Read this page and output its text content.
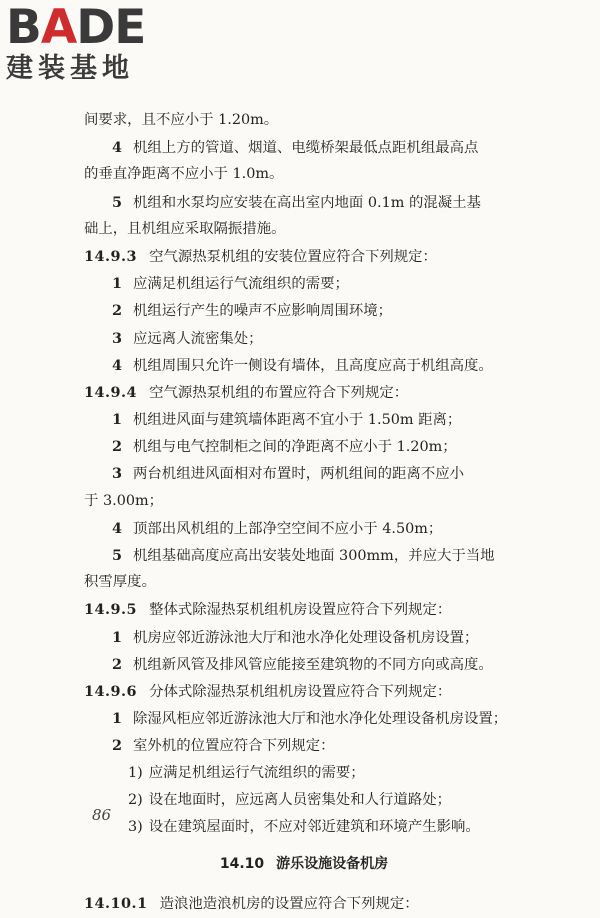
B A D E
建装基地
间要求，且不应小于 1.20m。
4 机组上方的管道、烟道、电缆桥架最低点距机组最高点
的垂直净距离不应小于 1.0m。
5 机组和水泵均应安装在高出室内地面 0.1m 的混凝土基
础上，且机组应采取隔振措施。
14.9.3 空气源热泵机组的安装位置应符合下列规定：
1 应满足机组运行气流组织的需要；
2 机组运行产生的噪声不应影响周围环境；
3 应远离人流密集处；
4 机组周围只允许一侧设有墙体，且高度应高于机组高度。
14.9.4 空气源热泵机组的布置应符合下列规定：
1 机组进风面与建筑墙体距离不宜小于 1.50m 距离；
2 机组与电气控制柜之间的净距离不应小于 1.20m；
3 两台机组进风面相对布置时，两机组间的距离不应小
于 3.00m；
4 顶部出风机组的上部净空空间不应小于 4.50m；
5 机组基础高度应高出安装处地面 300mm，并应大于当地
积雪厚度。
14.9.5 整体式除湿热泵机组机房设置应符合下列规定：
1 机房应邻近游泳池大厅和池水净化处理设备机房设置；
2 机组新风管及排风管应能接至建筑物的不同方向或高度。
14.9.6 分体式除湿热泵机组机房设置应符合下列规定：
1 除湿风柜应邻近游泳池大厅和池水净化处理设备机房设置；
2 室外机的位置应符合下列规定：
1) 应满足机组运行气流组织的需要；
2) 设在地面时，应远离人员密集处和人行道路处；
3) 设在建筑屋面时，不应对邻近建筑和环境产生影响。
14.10 游乐设施设备机房
14.10.1 造浪池造浪机房的设置应符合下列规定：
86
